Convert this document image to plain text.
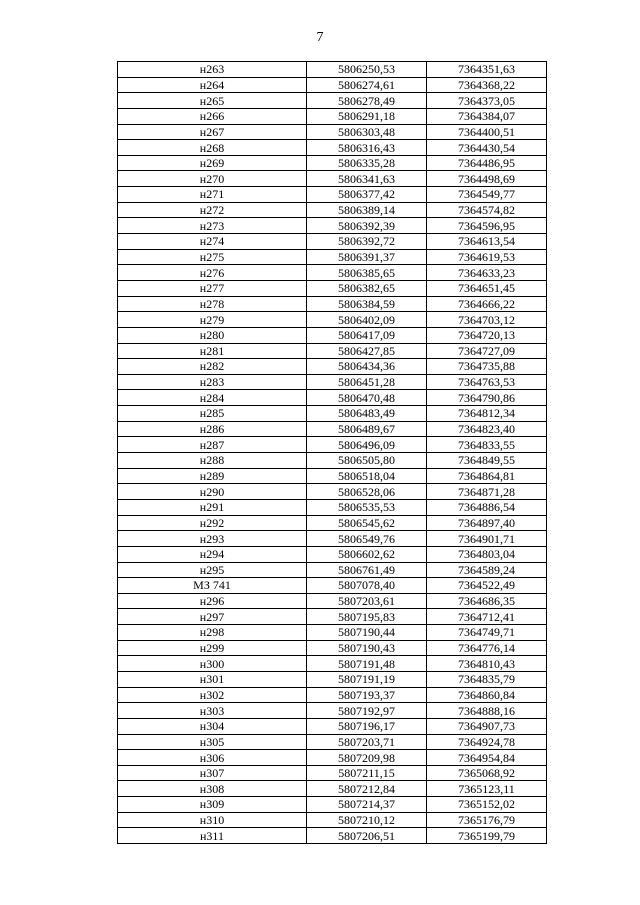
7
н263	5806250,53	7364351,63
н264	5806274,61	7364368,22
н265	5806278,49	7364373,05
н266	5806291,18	7364384,07
н267	5806303,48	7364400,51
н268	5806316,43	7364430,54
н269	5806335,28	7364486,95
н270	5806341,63	7364498,69
н271	5806377,42	7364549,77
н272	5806389,14	7364574,82
н273	5806392,39	7364596,95
н274	5806392,72	7364613,54
н275	5806391,37	7364619,53
н276	5806385,65	7364633,23
н277	5806382,65	7364651,45
н278	5806384,59	7364666,22
н279	5806402,09	7364703,12
н280	5806417,09	7364720,13
н281	5806427,85	7364727,09
н282	5806434,36	7364735,88
н283	5806451,28	7364763,53
н284	5806470,48	7364790,86
н285	5806483,49	7364812,34
н286	5806489,67	7364823,40
н287	5806496,09	7364833,55
н288	5806505,80	7364849,55
н289	5806518,04	7364864,81
н290	5806528,06	7364871,28
н291	5806535,53	7364886,54
н292	5806545,62	7364897,40
н293	5806549,76	7364901,71
н294	5806602,62	7364803,04
н295	5806761,49	7364589,24
МЗ 741	5807078,40	7364522,49
н296	5807203,61	7364686,35
н297	5807195,83	7364712,41
н298	5807190,44	7364749,71
н299	5807190,43	7364776,14
н300	5807191,48	7364810,43
н301	5807191,19	7364835,79
н302	5807193,37	7364860,84
н303	5807192,97	7364888,16
н304	5807196,17	7364907,73
н305	5807203,71	7364924,78
н306	5807209,98	7364954,84
н307	5807211,15	7365068,92
н308	5807212,84	7365123,11
н309	5807214,37	7365152,02
н310	5807210,12	7365176,79
н311	5807206,51	7365199,79
